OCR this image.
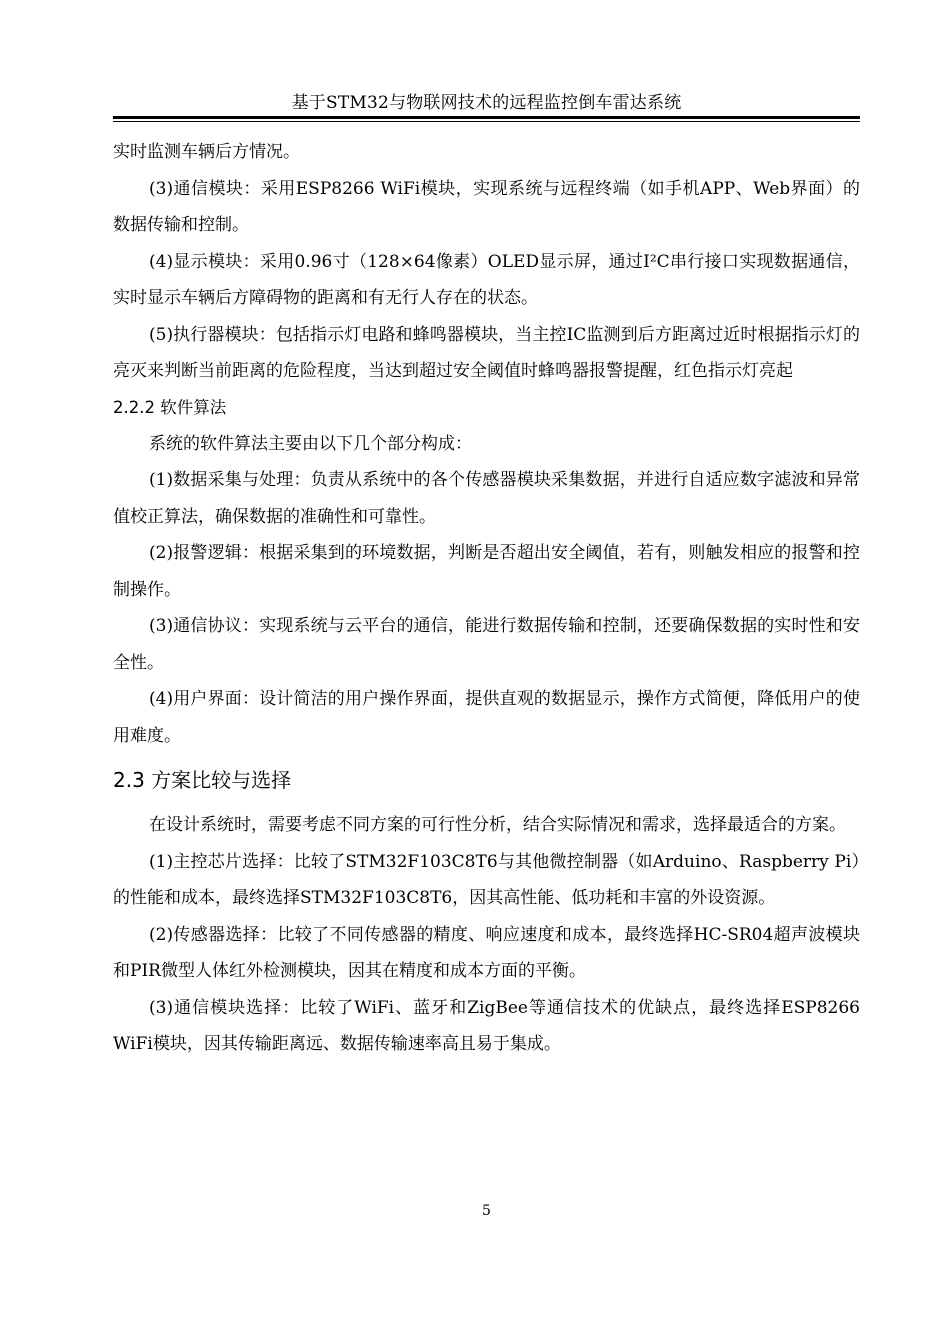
基于STM32与物联网技术的远程监控倒车雷达系统

实时监测车辆后方情况。

(3)通信模块：采用ESP8266 WiFi模块，实现系统与远程终端（如手机APP、Web界面）的数据传输和控制。

(4)显示模块：采用0.96寸（128×64像素）OLED显示屏，通过I²C串行接口实现数据通信，实时显示车辆后方障碍物的距离和有无行人存在的状态。

(5)执行器模块：包括指示灯电路和蜂鸣器模块，当主控IC监测到后方距离过近时根据指示灯的亮灭来判断当前距离的危险程度，当达到超过安全阈值时蜂鸣器报警提醒，红色指示灯亮起

2.2.2 软件算法

系统的软件算法主要由以下几个部分构成：

(1)数据采集与处理：负责从系统中的各个传感器模块采集数据，并进行自适应数字滤波和异常值校正算法，确保数据的准确性和可靠性。

(2)报警逻辑：根据采集到的环境数据，判断是否超出安全阈值，若有，则触发相应的报警和控制操作。

(3)通信协议：实现系统与云平台的通信，能进行数据传输和控制，还要确保数据的实时性和安全性。

(4)用户界面：设计简洁的用户操作界面，提供直观的数据显示，操作方式简便，降低用户的使用难度。

2.3 方案比较与选择

在设计系统时，需要考虑不同方案的可行性分析，结合实际情况和需求，选择最适合的方案。

(1)主控芯片选择：比较了STM32F103C8T6与其他微控制器（如Arduino、Raspberry Pi）的性能和成本，最终选择STM32F103C8T6，因其高性能、低功耗和丰富的外设资源。

(2)传感器选择：比较了不同传感器的精度、响应速度和成本，最终选择HC-SR04超声波模块和PIR微型人体红外检测模块，因其在精度和成本方面的平衡。

(3)通信模块选择：比较了WiFi、蓝牙和ZigBee等通信技术的优缺点，最终选择ESP8266 WiFi模块，因其传输距离远、数据传输速率高且易于集成。

5
